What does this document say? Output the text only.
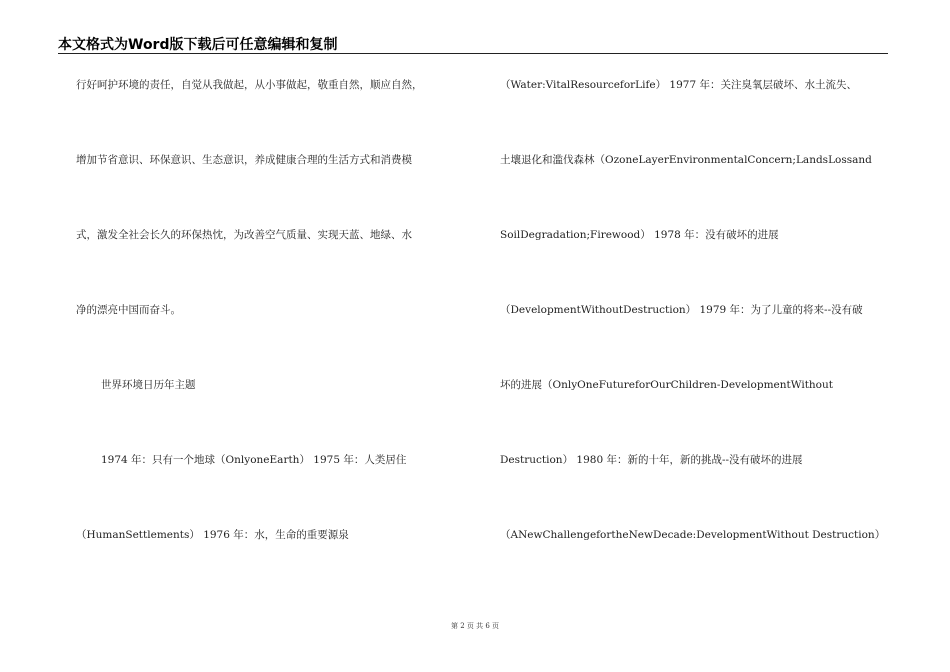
本文格式为Word版下载后可任意编辑和复制
行好呵护环境的责任，自觉从我做起，从小事做起，敬重自然，顺应自然，
增加节省意识、环保意识、生态意识，养成健康合理的生活方式和消费模
式，激发全社会长久的环保热忱，为改善空气质量、实现天蓝、地绿、水
净的漂亮中国而奋斗。
世界环境日历年主题
1974 年：只有一个地球（OnlyoneEarth） 1975 年：人类居住
（HumanSettlements） 1976 年：水，生命的重要源泉
（Water:VitalResourceforLife） 1977 年：关注臭氧层破坏、水土流失、
土壤退化和滥伐森林（OzoneLayerEnvironmentalConcern;LandsLossand
SoilDegradation;Firewood） 1978 年：没有破坏的进展
（DevelopmentWithoutDestruction） 1979 年：为了儿童的将来--没有破
坏的进展（OnlyOneFutureforOurChildren-DevelopmentWithout
Destruction） 1980 年：新的十年，新的挑战--没有破坏的进展
（ANewChallengefortheNewDecade:DevelopmentWithout Destruction）
第 2 页 共 6 页
